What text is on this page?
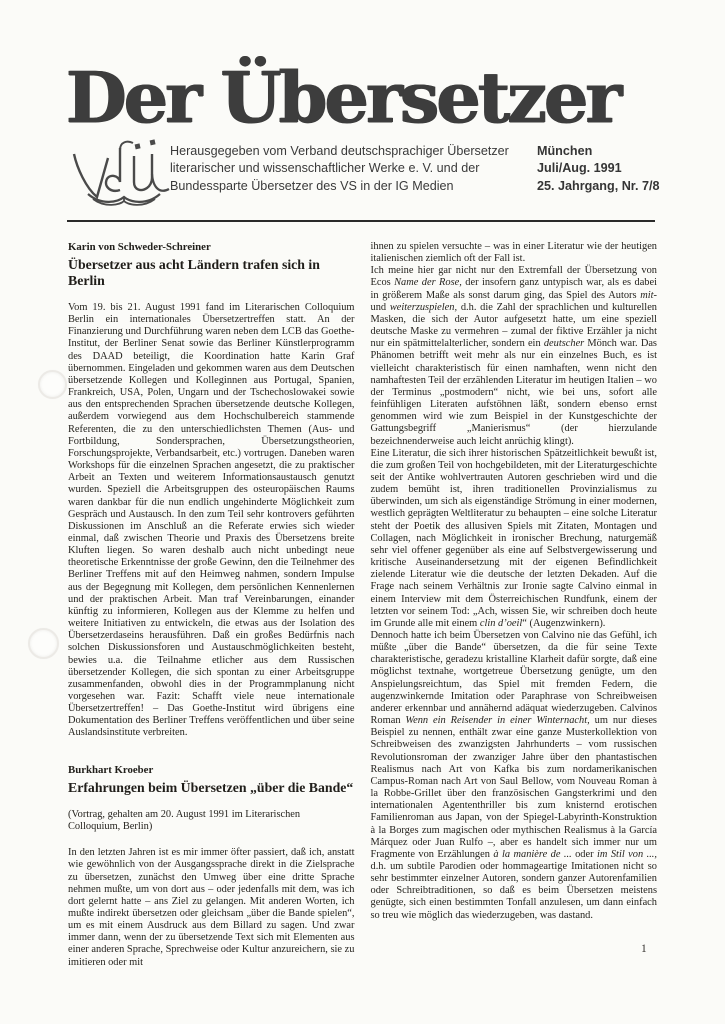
Der Übersetzer
Herausgegeben vom Verband deutschsprachiger Übersetzer
literarischer und wissenschaftlicher Werke e. V. und der
Bundessparte Übersetzer des VS in der IG Medien
München
Juli/Aug. 1991
25. Jahrgang, Nr. 7/8
Karin von Schweder-Schreiner
Übersetzer aus acht Ländern trafen sich in Berlin

Vom 19. bis 21. August 1991 fand im Literarischen Colloquium Berlin ein internationales Übersetzertreffen statt. An der Finanzierung und Durchführung waren neben dem LCB das Goethe-Institut, der Berliner Senat sowie das Berliner Künstlerprogramm des DAAD beteiligt, die Koordination hatte Karin Graf übernommen. Eingeladen und gekommen waren aus dem Deutschen übersetzende Kollegen und Kolleginnen aus Portugal, Spanien, Frankreich, USA, Polen, Ungarn und der Tschechoslowakei sowie aus den entsprechenden Sprachen übersetzende deutsche Kollegen, außerdem vorwiegend aus dem Hochschulbereich stammende Referenten, die zu den unterschiedlichsten Themen (Aus- und Fortbildung, Sondersprachen, Übersetzungstheorien, Forschungsprojekte, Verbandsarbeit, etc.) vortrugen. Daneben waren Workshops für die einzelnen Sprachen angesetzt, die zu praktischer Arbeit an Texten und weiterem Informationsaustausch genutzt wurden. Speziell die Arbeitsgruppen des osteuropäischen Raums waren dankbar für die nun endlich ungehinderte Möglichkeit zum Gespräch und Austausch. In den zum Teil sehr kontrovers geführten Diskussionen im Anschluß an die Referate erwies sich wieder einmal, daß zwischen Theorie und Praxis des Übersetzens breite Kluften liegen. So waren deshalb auch nicht unbedingt neue theoretische Erkenntnisse der große Gewinn, den die Teilnehmer des Berliner Treffens mit auf den Heimweg nahmen, sondern Impulse aus der Begegnung mit Kollegen, dem persönlichen Kennenlernen und der praktischen Arbeit. Man traf Vereinbarungen, einander künftig zu informieren, Kollegen aus der Klemme zu helfen und weitere Initiativen zu entwickeln, die etwas aus der Isolation des Übersetzerdaseins herausführen. Daß ein großes Bedürfnis nach solchen Diskussionsforen und Austauschmöglichkeiten besteht, bewies u.a. die Teilnahme etlicher aus dem Russischen übersetzender Kollegen, die sich spontan zu einer Arbeitsgruppe zusammenfanden, obwohl dies in der Programmplanung nicht vorgesehen war. Fazit: Schafft viele neue internationale Übersetzertreffen! – Das Goethe-Institut wird übrigens eine Dokumentation des Berliner Treffens veröffentlichen und über seine Auslandsinstitute verbreiten.

Burkhart Kroeber
Erfahrungen beim Übersetzen „über die Bande“

(Vortrag, gehalten am 20. August 1991 im Literarischen Colloquium, Berlin)

In den letzten Jahren ist es mir immer öfter passiert, daß ich, anstatt wie gewöhnlich von der Ausgangssprache direkt in die Zielsprache zu übersetzen, zunächst den Umweg über eine dritte Sprache nehmen mußte, um von dort aus – oder jedenfalls mit dem, was ich dort gelernt hatte – ans Ziel zu gelangen. Mit anderen Worten, ich mußte indirekt übersetzen oder gleichsam „über die Bande spielen“, um es mit einem Ausdruck aus dem Billard zu sagen. Und zwar immer dann, wenn der zu übersetzende Text sich mit Elementen aus einer anderen Sprache, Sprechweise oder Kultur anzureichern, sie zu imitieren oder mit

ihnen zu spielen versuchte – was in einer Literatur wie der heutigen italienischen ziemlich oft der Fall ist.

Ich meine hier gar nicht nur den Extremfall der Übersetzung von Ecos Name der Rose, der insofern ganz untypisch war, als es dabei in größerem Maße als sonst darum ging, das Spiel des Autors mit- und weiterzuspielen, d.h. die Zahl der sprachlichen und kulturellen Masken, die sich der Autor aufgesetzt hatte, um eine speziell deutsche Maske zu vermehren – zumal der fiktive Erzähler ja nicht nur ein spätmittelalterlicher, sondern ein deutscher Mönch war. Das Phänomen betrifft weit mehr als nur ein einzelnes Buch, es ist vielleicht charakteristisch für einen namhaften, wenn nicht den namhaftesten Teil der erzählenden Literatur im heutigen Italien – wo der Terminus „postmodern“ nicht, wie bei uns, sofort alle feinfühligen Literaten aufstöhnen läßt, sondern ebenso ernst genommen wird wie zum Beispiel in der Kunstgeschichte der Gattungsbegriff „Manierismus“ (der hierzulande bezeichnenderweise auch leicht anrüchig klingt).

Eine Literatur, die sich ihrer historischen Spätzeitlichkeit bewußt ist, die zum großen Teil von hochgebildeten, mit der Literaturgeschichte seit der Antike wohlvertrauten Autoren geschrieben wird und die zudem bemüht ist, ihren traditionellen Provinzialismus zu überwinden, um sich als eigenständige Strömung in einer modernen, westlich geprägten Weltliteratur zu behaupten – eine solche Literatur steht der Poetik des allusiven Spiels mit Zitaten, Montagen und Collagen, nach Möglichkeit in ironischer Brechung, naturgemäß sehr viel offener gegenüber als eine auf Selbstvergewisserung und kritische Auseinandersetzung mit der eigenen Befindlichkeit zielende Literatur wie die deutsche der letzten Dekaden. Auf die Frage nach seinem Verhältnis zur Ironie sagte Calvino einmal in einem Interview mit dem Österreichischen Rundfunk, einem der letzten vor seinem Tod: „Ach, wissen Sie, wir schreiben doch heute im Grunde alle mit einem clin d’oeil“ (Augenzwinkern).

Dennoch hatte ich beim Übersetzen von Calvino nie das Gefühl, ich müßte „über die Bande“ übersetzen, da die für seine Texte charakteristische, geradezu kristalline Klarheit dafür sorgte, daß eine möglichst textnahe, wortgetreue Übersetzung genügte, um den Anspielungsreichtum, das Spiel mit fremden Federn, die augenzwinkernde Imitation oder Paraphrase von Schreibweisen anderer erkennbar und annähernd adäquat wiederzugeben. Calvinos Roman Wenn ein Reisender in einer Winternacht, um nur dieses Beispiel zu nennen, enthält zwar eine ganze Musterkollektion von Schreibweisen des zwanzigsten Jahrhunderts – vom russischen Revolutionsroman der zwanziger Jahre über den phantastischen Realismus nach Art von Kafka bis zum nordamerikanischen Campus-Roman nach Art von Saul Bellow, vom Nouveau Roman à la Robbe-Grillet über den französischen Gangsterkrimi und den internationalen Agententhriller bis zum knisternd erotischen Familienroman aus Japan, von der Spiegel-Labyrinth-Konstruktion à la Borges zum magischen oder mythischen Realismus à la García Márquez oder Juan Rulfo –, aber es handelt sich immer nur um Fragmente von Erzählungen à la manière de ... oder im Stil von ..., d.h. um subtile Parodien oder hommageartige Imitationen nicht so sehr bestimmter einzelner Autoren, sondern ganzer Autorenfamilien oder Schreibtraditionen, so daß es beim Übersetzen meistens genügte, sich einen bestimmten Tonfall anzulesen, um dann einfach so treu wie möglich das wiederzugeben, was dastand.

1
